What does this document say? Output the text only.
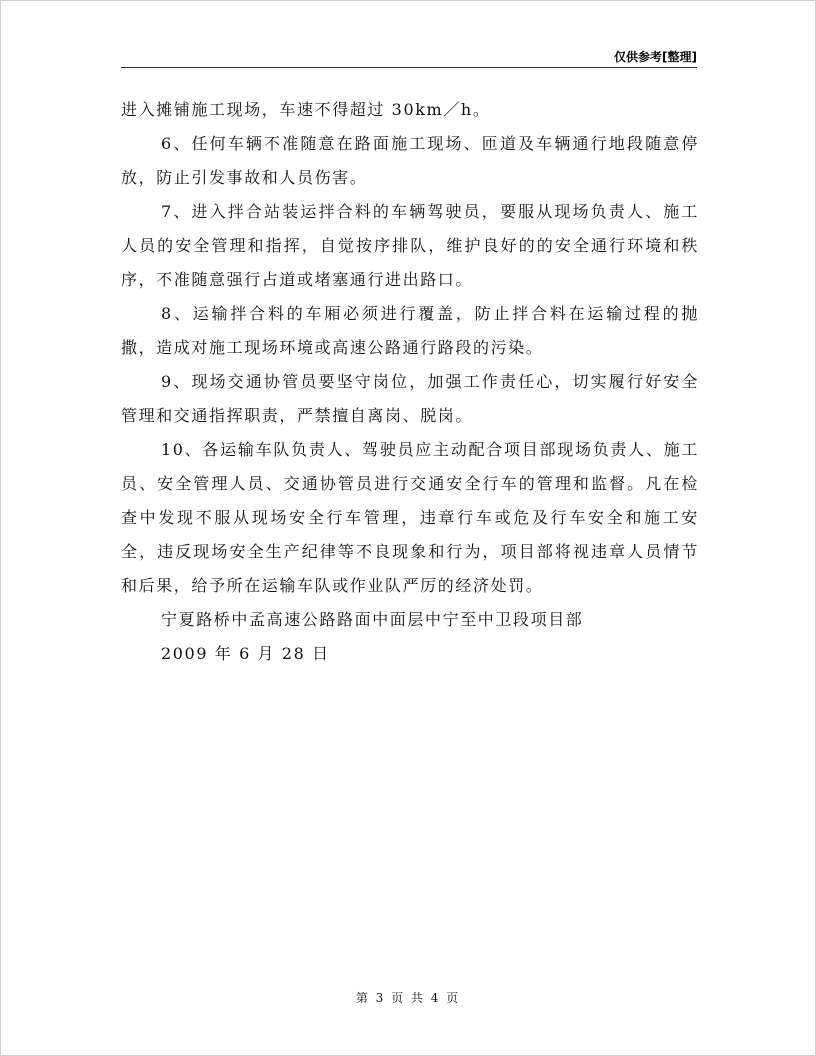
仅供参考[整理]

进入摊铺施工现场，车速不得超过 30km／h。

6、任何车辆不准随意在路面施工现场、匝道及车辆通行地段随意停放，防止引发事故和人员伤害。

7、进入拌合站装运拌合料的车辆驾驶员，要服从现场负责人、施工人员的安全管理和指挥，自觉按序排队，维护良好的的安全通行环境和秩序，不准随意强行占道或堵塞通行进出路口。

8、运输拌合料的车厢必须进行覆盖，防止拌合料在运输过程的抛撒，造成对施工现场环境或高速公路通行路段的污染。

9、现场交通协管员要坚守岗位，加强工作责任心，切实履行好安全管理和交通指挥职责，严禁擅自离岗、脱岗。

10、各运输车队负责人、驾驶员应主动配合项目部现场负责人、施工员、安全管理人员、交通协管员进行交通安全行车的管理和监督。凡在检查中发现不服从现场安全行车管理，违章行车或危及行车安全和施工安全，违反现场安全生产纪律等不良现象和行为，项目部将视违章人员情节和后果，给予所在运输车队或作业队严厉的经济处罚。

宁夏路桥中孟高速公路路面中面层中宁至中卫段项目部

2009 年 6 月 28 日

第 3 页 共 4 页
